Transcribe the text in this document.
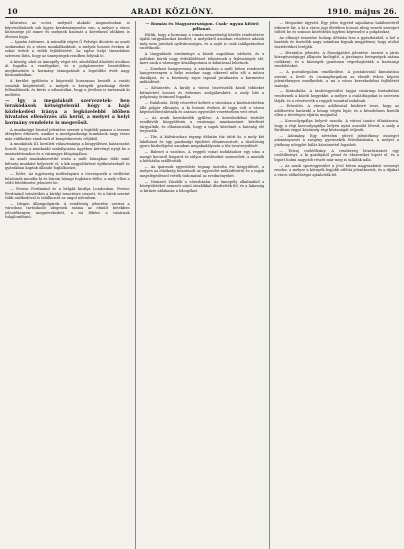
10	ARADI KÖZLÖNY.	1910. május 26.

kihivatva az ucóst, melynél alakuló Augusztusban is képviselőnknek sok ügyes kezdeményezése van, a melyet a város közönsége jól ismer és melynek hasznát a következő időkben is élvezni fogja.

— Igazán érdemes. A második végén Ö Felsége dicsérte az aradi szokásokat és a város munkálkodását, a melyek hosszú éveken át sokat tettek a vidék fejlődéséért. Az egész helyi társadalom szívesen látta, hogy az ünnepségek rendben folytak le.

A község, ahol az ünnepély véget ért, zászlókkal díszített utcákon át fogadta a vendégeket, és a polgármester beszédében megköszönte a kormány támogatását a legutóbbi évek nagy közmunkáiban.

A kerület gyűlésén a képviselő hosszasan beszélt a vasúti vonalak kiépítéséről, a melyek a környék gazdasági életét fellendítenék, és kérte a választókat, hogy a jövőben is tartsanak ki mellette.

— Így a megalakult szervezetek- ben lerakódások kétségtelenül hógy a hajó közlekedési iránya a legközelebbi időben hivatalos ellenőrzés alá kerül, a melyet a helyi kormány rendelete is megerősít.

A munkaügyi hivatal jelentése szerint a legtöbb panasz a tavaszi idényben érkezett, amikor a mezőgazdasági munkások nagy része más vidékekre vándorolt el kenyérkeresés céljából.

A munkások III. kerületi választmánya a közgyűlésen határozatot hozott, hogy a munkaidő szabályozása ügyében kérvényt nyújt be a minisztériumhoz és a vármegye főispánjához.

Az aradi munkaközvetítő iroda a múlt hónapban több mint kétszáz munkást helyezett el, a kik nagyobbrészt építkezéseknél és gyárakban kaptak állandó foglalkozást.

— Ítélet. Az ügyészség indítványára a törvényszék a vádlottat bűnösnek mondta ki és három hónapi fogházra ítélte, a mely ellen a védő felebbezést jelentett be.

— Ferenc Ferdinánd és a belgák királya Londonban. Ferenc Ferdinánd trónörökös a királyi temetésre utazott, és a hírek szerint több uralkodóval is találkozott az angol udvarban.

— Idegen állampolgárok. A rendőrség jelentése szerint a városban tartózkodó idegenek száma az elmúlt hetekben jelentékenyen megnövekedett, a mi főként a vásárnak tulajdonítható.

— Román és Magyarországon. Csak- ugyan kitörő pillanat.

Hírlik, hogy a kormány a román nemzetiségi kérdés rendezésére újabb tárgyalásokat kezdett, a melyekről azonban részletes adatok még nem jutottak nyilvánosságra, és a sajtó is csak találgatásokra szorítkozik.

A tárgyalások eredménye a közeli napokban várható, és a politikai körök nagy érdeklődéssel tekintenek a fejlemények elé, mert azok a vármegye közállapotaira is kihatással lehetnek.

— Zenekari hangverseny. A színházban a múlt héten rendezett hangversenyen a helyi zenekar nagy sikerrel adta elő a műsor darabjait, és a közönség zajos tapssal jutalmazta a karmester működését.

— Kitüntetés. A király a városi tisztviselők közül többeket kitüntetett hosszú és érdemes szolgálatukért, a mely hírt a polgárság örömmel fogadta.

— Halálozás. Mély részvétet keltett a városban a köztiszteletben álló polgár elhunyta, a ki hosszú éveken át tagja volt a városi képviselőtestületnek és számos egyesület vezetésében vett részt.

— Az aradi kereskedők gyűlése. A kereskedelmi testület rendkívüli közgyűlésén a vasárnapi munkaszünet kérdését tárgyalták, és elhatározták, hogy a tagok kérelmét a hatóság elé terjesztik.

— Tűz. A külvárosban tegnap délután tűz ütött ki, a mely két lakóházat és egy gazdasági épületet elhamvasztott, a tűzoltóság gyors közbelépése azonban megakadályozta a tűz tovaterjedését.

— Baleset a vasúton. A reggeli vonat indulásakor egy utas a mozgó kocsiról leugrott és súlyos sérüléseket szenvedett, a mentők a kórházba szállították.

— Az iparosok egyesülete tegnap tartotta évi közgyűlését, a melyen az elnökség beszámolt az egyesület működéséről és a tagok megelégedéssel vették tudomásul az eredményeket.

— Nemzeti Zászlók a városházán. Az ünnepély alkalmából a középületeket nemzeti színű zászlókkal díszítették fel, és a lakosság is kitűzte ablakaira a lobogókat.

— Megszűnt ügyvéd. Egy jeles ügyvéd sajnálatos halálesetéről érkezett hír, a ki a város jogi életében hosszú ideig vezető szerepet töltött be és számos közérdekű ügyben képviselte a polgárokat.

Az elhunyt temetése holnap délután lesz a gyászházból, a hol a barátok és tisztelők nagy számban fognak megjelenni, hogy utolsó tiszteletüket lerójják.

— Hivatalos jelentés. A főszolgabíró jelentése szerint a járás közegészségügyi állapota kielégítő, a járványos betegségek száma csökkent, és a községek gondosan végrehajtották a tisztasági rendeleteket.

— A postaforgalom emelkedése. A postahivatal kimutatása szerint a levél- és csomagforgalom az elmúlt évhez képest jelentékenyen emelkedett, a mi a város kereskedelmi fejlődését mutatja.

— Kirándulás. A tanítóegyesület tagjai vasárnap kirándulást rendeznek a közeli hegyekbe, a melyre a családtagokat is szívesen látják, és a résztvevők a reggeli vonattal indulnak.

— Értesítés. A városi adóhivatal közhírré teszi, hogy az adófizetési határidő a hónap végén lejár, és a késedelmes fizetők ellen a törvényes eljárás megindul.

— Korcsolyapálya helyett uszoda. A városi tanács elhatározta, hogy a régi korcsolyapálya helyén nyári uszodát létesít, a mely a fürdőzni vágyó közönség régi kívánságát teljesíti.

— Adomány. Egy névtelen jótevő jelentékeny összeget adományozott a szegény gyermekek felruházására, a melyet a jótékony nőegylet hálás köszönettel fogadott.

— Tolvaj cselédleány. A rendőrség letartóztatott egy cselédleányt, a ki gazdájától pénzt és ékszereket lopott el, és a lopott holmi nagyobb részét már meg is találták nála.

— Az aradi sportegyesület a jövő héten nagyszabású versenyt rendez, a melyre a környék legjobb atlétái jelentkeztek, és a díjakat a város előkelőségei ajánlották fel.
